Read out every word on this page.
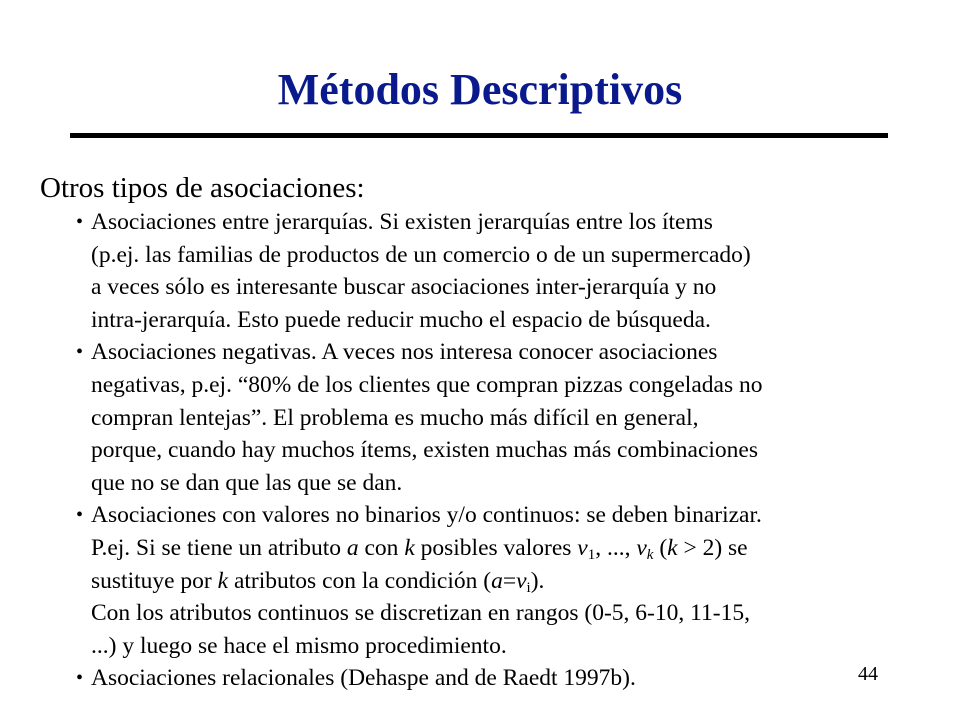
Métodos Descriptivos
Otros tipos de asociaciones:
• Asociaciones entre jerarquías. Si existen jerarquías entre los ítems
(p.ej. las familias de productos de un comercio o de un supermercado)
a veces sólo es interesante buscar asociaciones inter-jerarquía y no
intra-jerarquía. Esto puede reducir mucho el espacio de búsqueda.
• Asociaciones negativas. A veces nos interesa conocer asociaciones
negativas, p.ej. “80% de los clientes que compran pizzas congeladas no
compran lentejas”. El problema es mucho más difícil en general,
porque, cuando hay muchos ítems, existen muchas más combinaciones
que no se dan que las que se dan.
• Asociaciones con valores no binarios y/o continuos: se deben binarizar.
P.ej. Si se tiene un atributo a con k posibles valores $v_1$, ..., $v_k$ (k > 2) se
sustituye por k atributos con la condición $(a=v_i)$.
Con los atributos continuos se discretizan en rangos (0-5, 6-10, 11-15,
...) y luego se hace el mismo procedimiento.
• Asociaciones relacionales (Dehaspe and de Raedt 1997b).	44
